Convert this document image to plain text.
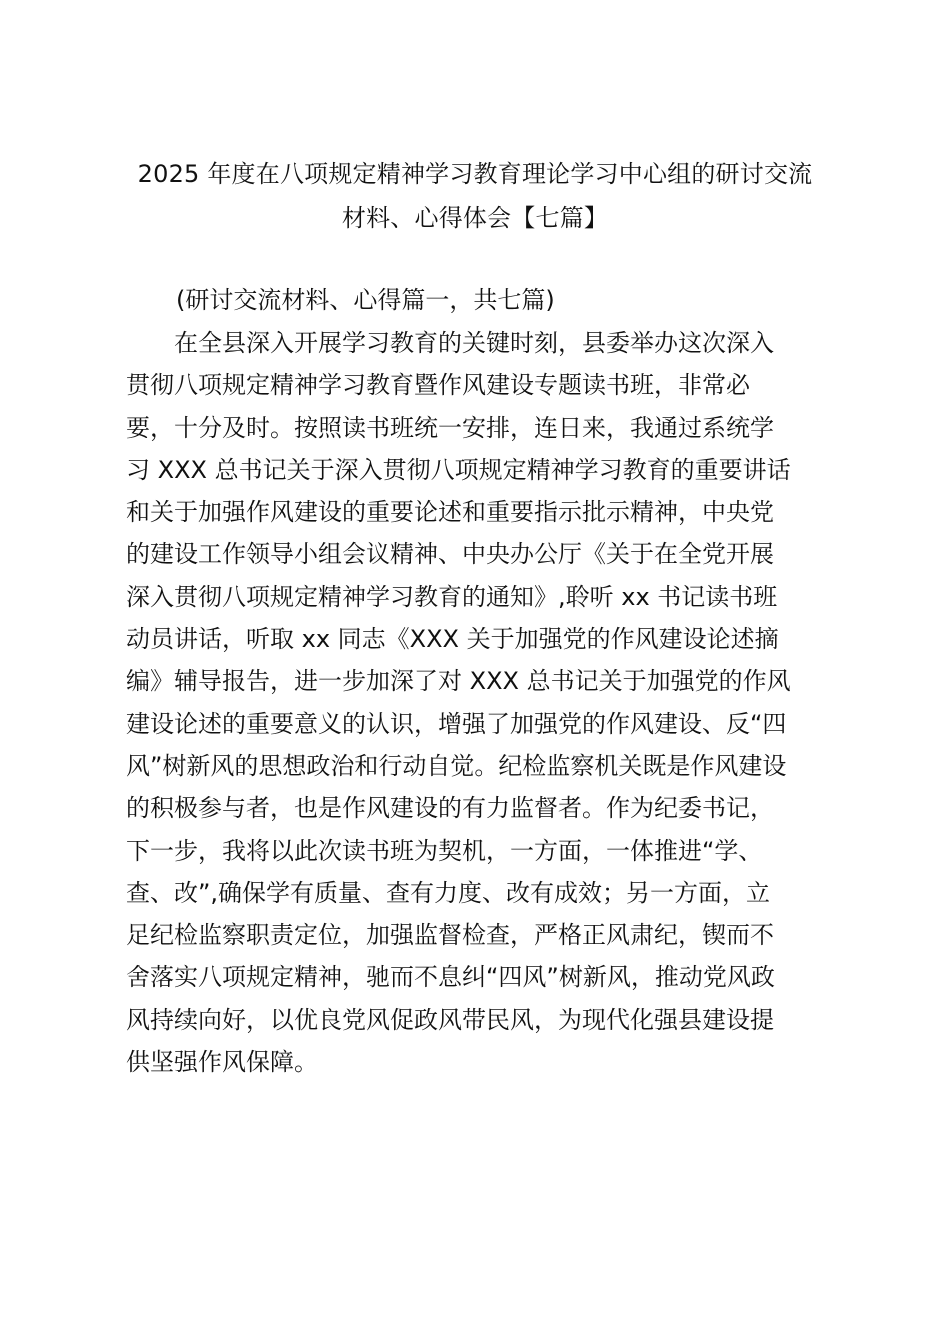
2025 年度在八项规定精神学习教育理论学习中心组的研讨交流
材料、心得体会【七篇】
(研讨交流材料、心得篇一，共七篇)
　　在全县深入开展学习教育的关键时刻，县委举办这次深入
贯彻八项规定精神学习教育暨作风建设专题读书班，非常必
要，十分及时。按照读书班统一安排，连日来，我通过系统学
习 XXX 总书记关于深入贯彻八项规定精神学习教育的重要讲话
和关于加强作风建设的重要论述和重要指示批示精神，中央党
的建设工作领导小组会议精神、中央办公厅《关于在全党开展
深入贯彻八项规定精神学习教育的通知》,聆听 xx 书记读书班
动员讲话，听取 xx 同志《XXX 关于加强党的作风建设论述摘
编》辅导报告，进一步加深了对 XXX 总书记关于加强党的作风
建设论述的重要意义的认识，增强了加强党的作风建设、反“四
风”树新风的思想政治和行动自觉。纪检监察机关既是作风建设
的积极参与者，也是作风建设的有力监督者。作为纪委书记，
下一步，我将以此次读书班为契机，一方面，一体推进“学、
查、改”,确保学有质量、查有力度、改有成效；另一方面，立
足纪检监察职责定位，加强监督检查，严格正风肃纪，锲而不
舍落实八项规定精神，驰而不息纠“四风”树新风，推动党风政
风持续向好，以优良党风促政风带民风，为现代化强县建设提
供坚强作风保障。
